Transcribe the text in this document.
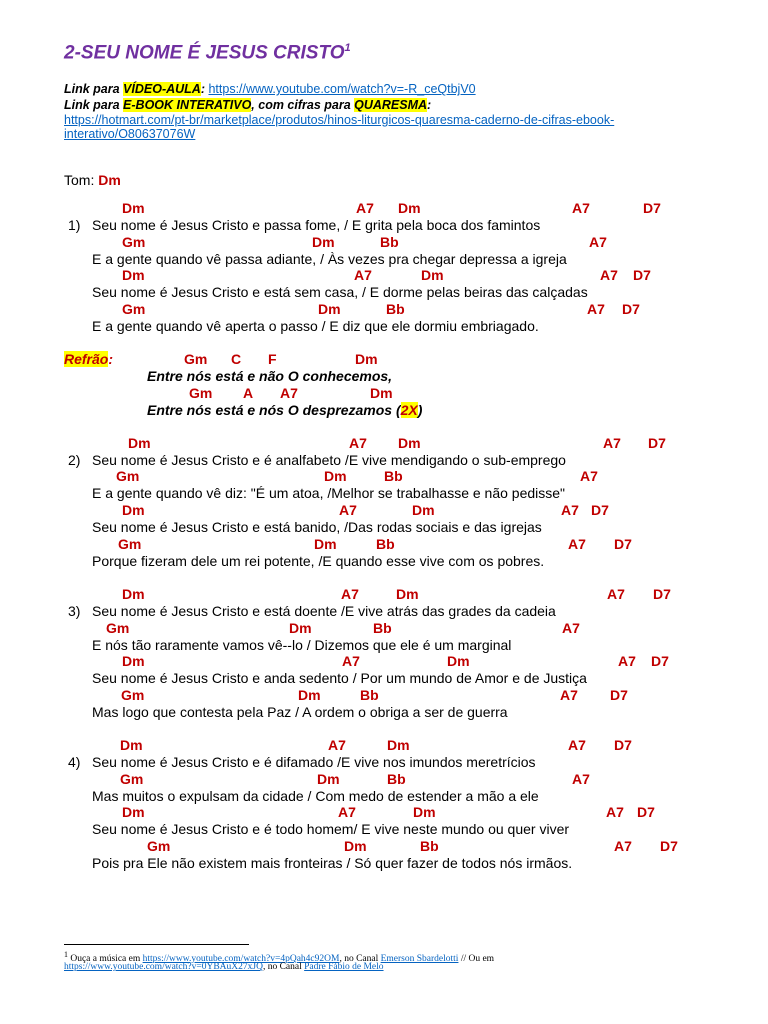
2-SEU NOME É JESUS CRISTO$^1$
Link para VÍDEO-AULA: https://www.youtube.com/watch?v=-R_ceQtbjV0
Link para E-BOOK INTERATIVO, com cifras para QUARESMA:
https://hotmart.com/pt-br/marketplace/produtos/hinos-liturgicos-quaresma-caderno-de-cifras-ebook-
interativo/O80637076W
Tom: Dm
Dm	A7 Dm	A7	D7
1) Seu nome é Jesus Cristo e passa fome, / E grita pela boca dos famintos
Gm	Dm	Bb	A7
E a gente quando vê passa adiante, / Às vezes pra chegar depressa a igreja
Dm	A7	Dm	A7 D7
Seu nome é Jesus Cristo e está sem casa, / E dorme pelas beiras das calçadas
Gm	Dm	Bb	A7 D7
E a gente quando vê aperta o passo / E diz que ele dormiu embriagado.
Refrão:	Gm C F	Dm
Entre nós está e não O conhecemos,
Gm A A7	Dm
Entre nós está e nós O desprezamos (2X)
Dm	A7 Dm	A7 D7
2) Seu nome é Jesus Cristo e é analfabeto /E vive mendigando o sub-emprego
Gm	Dm	Bb	A7
E a gente quando vê diz: "É um atoa, /Melhor se trabalhasse e não pedisse"
Dm	A7	Dm	A7 D7
Seu nome é Jesus Cristo e está banido, /Das rodas sociais e das igrejas
Gm	Dm	Bb	A7 D7
Porque fizeram dele um rei potente, /E quando esse vive com os pobres.
Dm	A7	Dm	A7 D7
3) Seu nome é Jesus Cristo e está doente /E vive atrás das grades da cadeia
Gm	Dm	Bb	A7
E nós tão raramente vamos vê--lo / Dizemos que ele é um marginal
Dm	A7	Dm	A7 D7
Seu nome é Jesus Cristo e anda sedento / Por um mundo de Amor e de Justiça
Gm	Dm	Bb	A7 D7
Mas logo que contesta pela Paz / A ordem o obriga a ser de guerra
Dm	A7	Dm	A7 D7
4) Seu nome é Jesus Cristo e é difamado /E vive nos imundos meretrícios
Gm	Dm	Bb	A7
Mas muitos o expulsam da cidade / Com medo de estender a mão a ele
Dm	A7	Dm	A7 D7
Seu nome é Jesus Cristo e é todo homem/ E vive neste mundo ou quer viver
Gm	Dm	Bb	A7 D7
Pois pra Ele não existem mais fronteiras / Só quer fazer de todos nós irmãos.
$^1$ Ouça a música em https://www.youtube.com/watch?v=4pQah4c92OM, no Canal Emerson Sbardelotti // Ou em
https://www.youtube.com/watch?v=0YBAuX27xJQ, no Canal Padre Fábio de Melo
